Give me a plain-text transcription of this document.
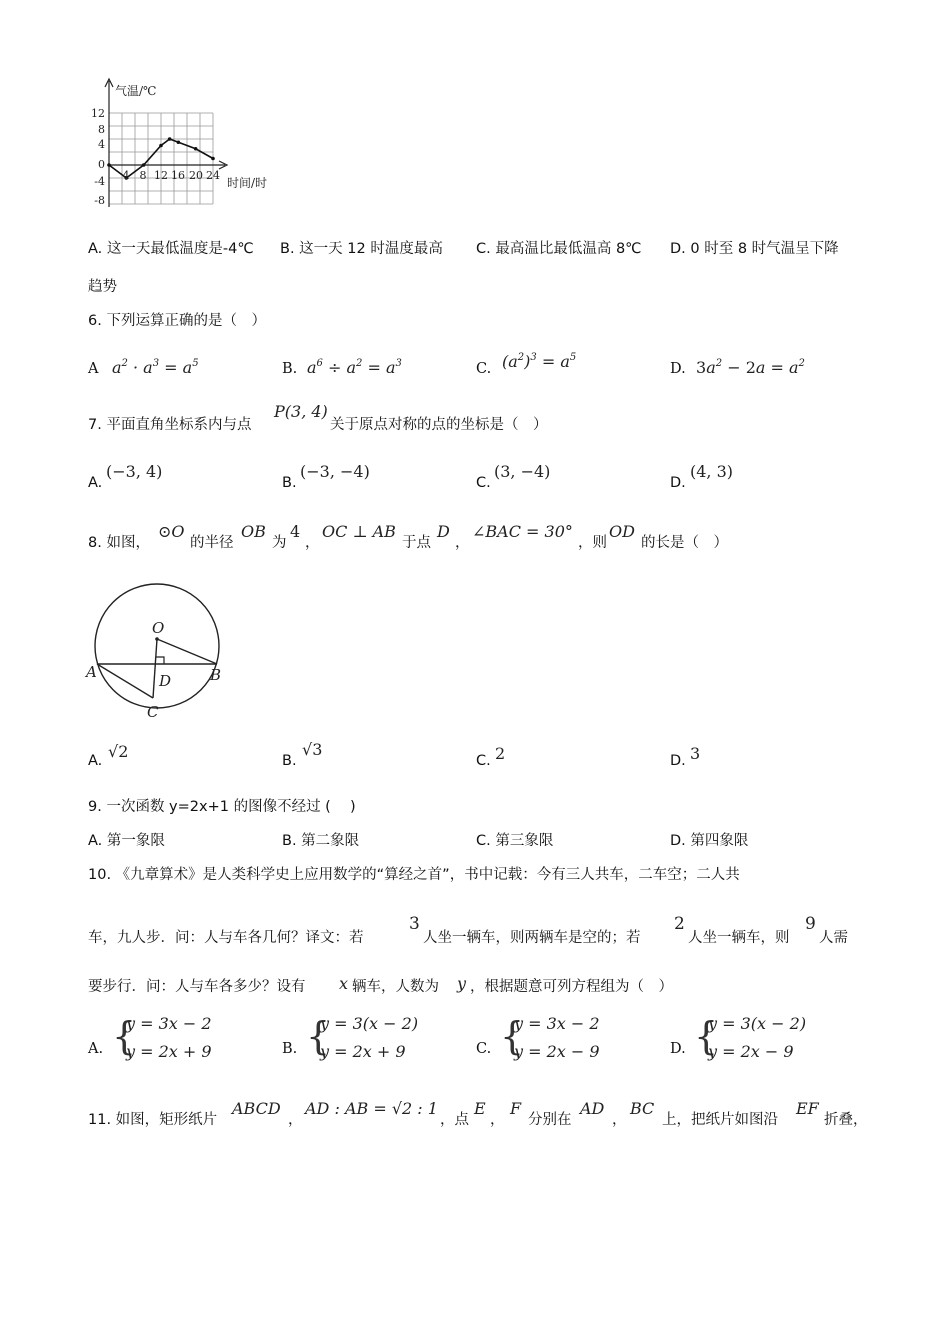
气温/℃
时间/时
12
8
4
0
-4
-8
4 8 12 16 20 24
A. 这一天最低温度是-4℃ B. 这一天 12 时温度最高 C. 最高温比最低温高 8℃ D. 0 时至 8 时气温呈下降
趋势
6. 下列运算正确的是（　）
A $a^2 \cdot a^3 = a^5$	B. $a^6 \div a^2 = a^3$	C. $(a^2)^3 = a^5$
D. $3a^2 - 2a = a^2$
7. 平面直角坐标系内与点
P(3, 4)
关于原点对称的点的坐标是（　）
A.
(−3, 4)
B.
(−3, −4)
C.
(3, −4)
D.
(4, 3)
8. 如图，
⊙O
的半径
OB
为
4
，
OC ⊥ AB
于点
D
，
∠BAC = 30°
，则
OD
的长是（　）
O
A	B
C
D
A. √2	B.
√3
C. 2	D. 3
9. 一次函数 y=2x+1 的图像不经过 (　 )
A. 第一象限	B. 第二象限	C. 第三象限	D. 第四象限
10. 《九章算术》是人类科学史上应用数学的“算经之首”，书中记载：今有三人共车，二车空；二人共
车，九人步．问：人与车各几何？译文：若
3
人坐一辆车，则两辆车是空的；若
2
人坐一辆车，则
9
人需
要步行．问：人与车各多少？设有 x 辆车，人数为 y ，根据题意可列方程组为（　）
A. {
y = 3x − 2
y = 2x + 9	B. {
y = 3(x − 2)
y = 2x + 9	C. {
y = 3x − 2
y = 2x − 9	D. {
y = 3(x − 2)
y = 2x − 9
11. 如图，矩形纸片
ABCD
，
AD : AB = √2 : 1
，点
E
，
F
分别在
AD
，
BC
上，把纸片如图沿
EF
折叠，
